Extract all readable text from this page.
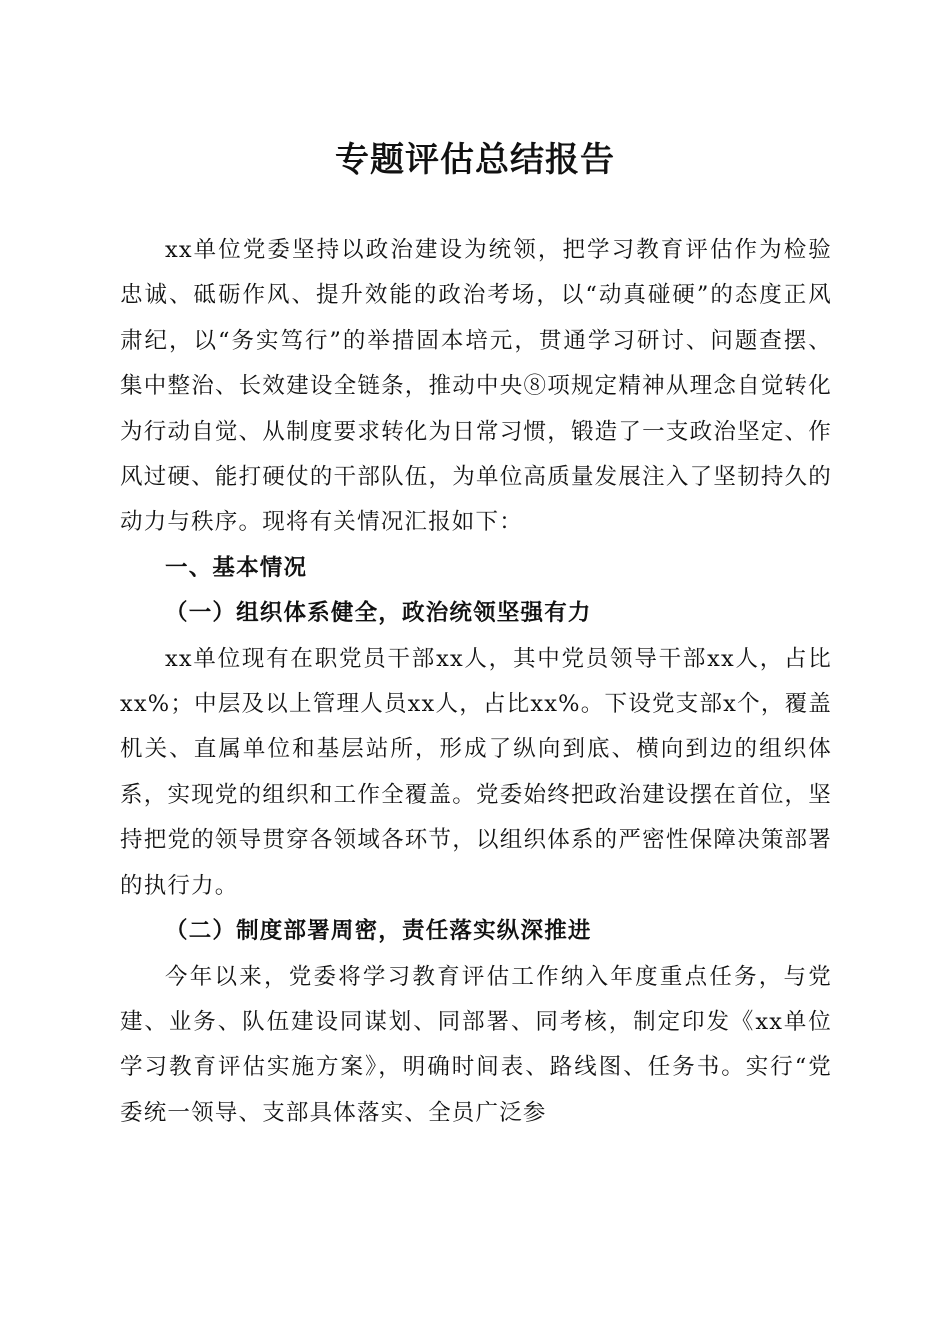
专题评估总结报告

xx单位党委坚持以政治建设为统领，把学习教育评估作为检验忠诚、砥砺作风、提升效能的政治考场，以“动真碰硬”的态度正风肃纪，以“务实笃行”的举措固本培元，贯通学习研讨、问题查摆、集中整治、长效建设全链条，推动中央⑧项规定精神从理念自觉转化为行动自觉、从制度要求转化为日常习惯，锻造了一支政治坚定、作风过硬、能打硬仗的干部队伍，为单位高质量发展注入了坚韧持久的动力与秩序。现将有关情况汇报如下：

一、基本情况

（一）组织体系健全，政治统领坚强有力

xx单位现有在职党员干部xx人，其中党员领导干部xx人，占比xx%；中层及以上管理人员xx人，占比xx%。下设党支部x个，覆盖机关、直属单位和基层站所，形成了纵向到底、横向到边的组织体系，实现党的组织和工作全覆盖。党委始终把政治建设摆在首位，坚持把党的领导贯穿各领域各环节，以组织体系的严密性保障决策部署的执行力。

（二）制度部署周密，责任落实纵深推进

今年以来，党委将学习教育评估工作纳入年度重点任务，与党建、业务、队伍建设同谋划、同部署、同考核，制定印发《xx单位学习教育评估实施方案》，明确时间表、路线图、任务书。实行“党委统一领导、支部具体落实、全员广泛参
